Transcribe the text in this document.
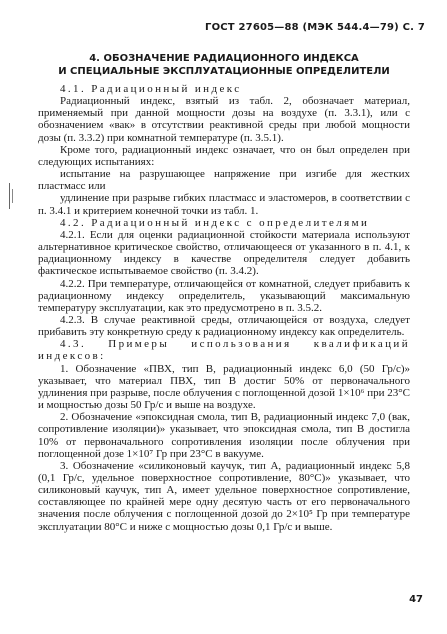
ГОСТ 27605—88 (МЭК 544.4—79) С. 7
4. ОБОЗНАЧЕНИЕ РАДИАЦИОННОГО ИНДЕКСА
И СПЕЦИАЛЬНЫЕ ЭКСПЛУАТАЦИОННЫЕ ОПРЕДЕЛИТЕЛИ

4.1. Радиационный индекс

Радиационный индекс, взятый из табл. 2, обозначает материал, применяемый при данной мощности дозы на воздухе (п. 3.3.1), или с обозначением «вак» в отсутствии реактивной среды при любой мощности дозы (п. 3.3.2) при комнатной температуре (п. 3.5.1).

Кроме того, радиационный индекс означает, что он был определен при следующих испытаниях:

испытание на разрушающее напряжение при изгибе для жестких пластмасс или

удлинение при разрыве гибких пластмасс и эластомеров, в соответствии с п. 3.4.1 и критерием конечной точки из табл. 1.

4.2. Радиационный индекс с определителями

4.2.1. Если для оценки радиационной стойкости материала используют альтернативное критическое свойство, отличающееся от указанного в п. 4.1, к радиационному индексу в качестве определителя следует добавить фактическое испытываемое свойство (п. 3.4.2).

4.2.2. При температуре, отличающейся от комнатной, следует прибавить к радиационному индексу определитель, указывающий максимальную температуру эксплуатации, как это предусмотрено в п. 3.5.2.

4.2.3. В случае реактивной среды, отличающейся от воздуха, следует прибавить эту конкретную среду к радиационному индексу как определитель.

4.3. Примеры использования квалификаций индексов:

1. Обозначение «ПВХ, тип В, радиационный индекс 6,0 (50 Гр/с)» указывает, что материал ПВХ, тип В достиг 50% от первоначального удлинения при разрыве, после облучения с поглощенной дозой 1×10⁶ при 23°С и мощностью дозы 50 Гр/с и выше на воздухе.

2. Обозначение «эпоксидная смола, тип В, радиационный индекс 7,0 (вак, сопротивление изоляции)» указывает, что эпоксидная смола, тип В достигла 10% от первоначального сопротивления изоляции после облучения при поглощенной дозе 1×10⁷ Гр при 23°С в вакууме.

3. Обозначение «силиконовый каучук, тип А, радиационный индекс 5,8 (0,1 Гр/с, удельное поверхностное сопротивление, 80°С)» указывает, что силиконовый каучук, тип А, имеет удельное поверхностное сопротивление, составляющее по крайней мере одну десятую часть от его первоначального значения после облучения с поглощенной дозой до 2×10⁵ Гр при температуре эксплуатации 80°С и ниже с мощностью дозы 0,1 Гр/с и выше.

47
